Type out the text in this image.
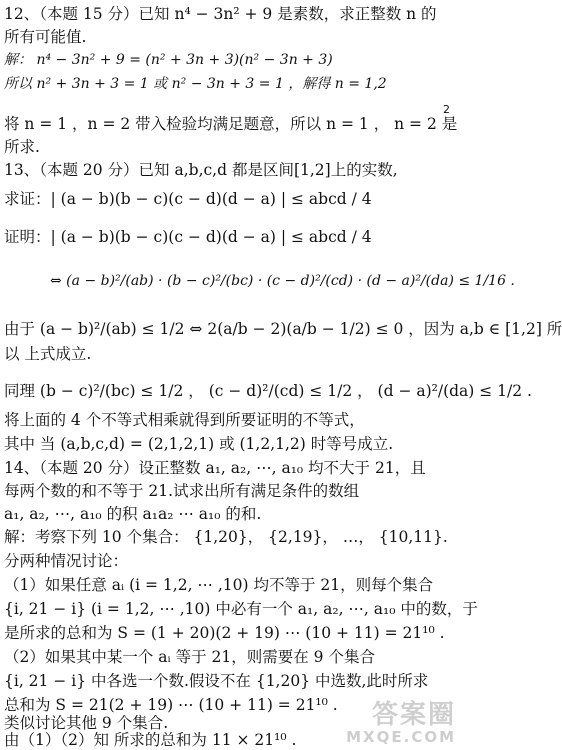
12、（本题 15 分）已知 n⁴ − 3n² + 9 是素数，求正整数 n 的
所有可能值.
解： n⁴ − 3n² + 9 = (n² + 3n + 3)(n² − 3n + 3)
所以 n² + 3n + 3 = 1 或 n² − 3n + 3 = 1 ，解得 n = 1,2
2
将 n = 1 ，n = 2 带入检验均满足题意，所以 n = 1 ， n = 2 是
所求.
13、（本题 20 分）已知 a,b,c,d 都是区间[1,2]上的实数,
求证：| (a − b)(b − c)(c − d)(d − a) | ≤ abcd / 4
证明：| (a − b)(b − c)(c − d)(d − a) | ≤ abcd / 4
⇔ (a − b)²/(ab) · (b − c)²/(bc) · (c − d)²/(cd) · (d − a)²/(da) ≤ 1/16 .
由于 (a − b)²/(ab) ≤ 1/2 ⇔ 2(a/b − 2)(a/b − 1/2) ≤ 0 ，因为 a,b ∈ [1,2] 所
以 上式成立.
同理 (b − c)²/(bc) ≤ 1/2 ， (c − d)²/(cd) ≤ 1/2 ， (d − a)²/(da) ≤ 1/2 .
将上面的 4 个不等式相乘就得到所要证明的不等式，
其中 当 (a,b,c,d) = (2,1,2,1) 或 (1,2,1,2) 时等号成立.
14、（本题 20 分）设正整数 a₁, a₂, ⋯, a₁₀ 均不大于 21，且
每两个数的和不等于 21.试求出所有满足条件的数组
a₁, a₂, ⋯, a₁₀ 的积 a₁a₂ ⋯ a₁₀ 的和.
解：考察下列 10 个集合： {1,20}， {2,19}， …， {10,11}.
分两种情况讨论：
（1）如果任意 aᵢ (i = 1,2, ⋯ ,10) 均不等于 21，则每个集合
{i, 21 − i} (i = 1,2, ⋯ ,10) 中必有一个 a₁, a₂, ⋯, a₁₀ 中的数，于
是所求的总和为 S = (1 + 20)(2 + 19) ⋯ (10 + 11) = 21¹⁰ .
（2）如果其中某一个 aᵢ 等于 21，则需要在 9 个集合
{i, 21 − i} 中各选一个数.假设不在 {1,20} 中选数,此时所求
总和为 S = 21(2 + 19) ⋯ (10 + 11) = 21¹⁰ .
类似讨论其他 9 个集合.
由（1）（2）知 所求的总和为 11 × 21¹⁰ .
答案圈
MXQE.COM
